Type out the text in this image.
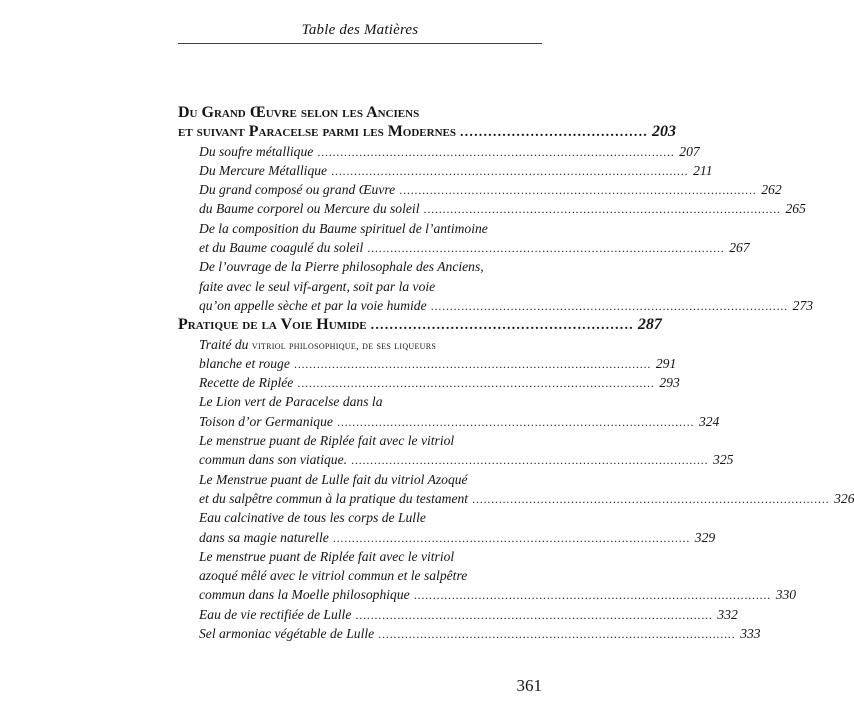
Table des Matières
Du Grand Œuvre selon les Anciens
et suivant Paracelse parmi les Modernes ........................................ 203
Du soufre métallique .............................................................................................. 207
Du Mercure Métallique .............................................................................................. 211
Du grand composé ou grand Œuvre .............................................................................................. 262
du Baume corporel ou Mercure du soleil .............................................................................................. 265
De la composition du Baume spirituel de l’antimoine
et du Baume coagulé du soleil .............................................................................................. 267
De l’ouvrage de la Pierre philosophale des Anciens,
faite avec le seul vif-argent, soit par la voie
qu’on appelle sèche et par la voie humide .............................................................................................. 273
Pratique de la Voie Humide ........................................................ 287
Traité du vitriol philosophique, de ses liqueurs
blanche et rouge .............................................................................................. 291
Recette de Riplée .............................................................................................. 293
Le Lion vert de Paracelse dans la
Toison d’or Germanique .............................................................................................. 324
Le menstrue puant de Riplée fait avec le vitriol
commun dans son viatique. .............................................................................................. 325
Le Menstrue puant de Lulle fait du vitriol Azoqué
et du salpêtre commun à la pratique du testament .............................................................................................. 326
Eau calcinative de tous les corps de Lulle
dans sa magie naturelle .............................................................................................. 329
Le menstrue puant de Riplée fait avec le vitriol
azoqué mêlé avec le vitriol commun et le salpêtre
commun dans la Moelle philosophique .............................................................................................. 330
Eau de vie rectifiée de Lulle .............................................................................................. 332
Sel armoniac végétable de Lulle .............................................................................................. 333
361
